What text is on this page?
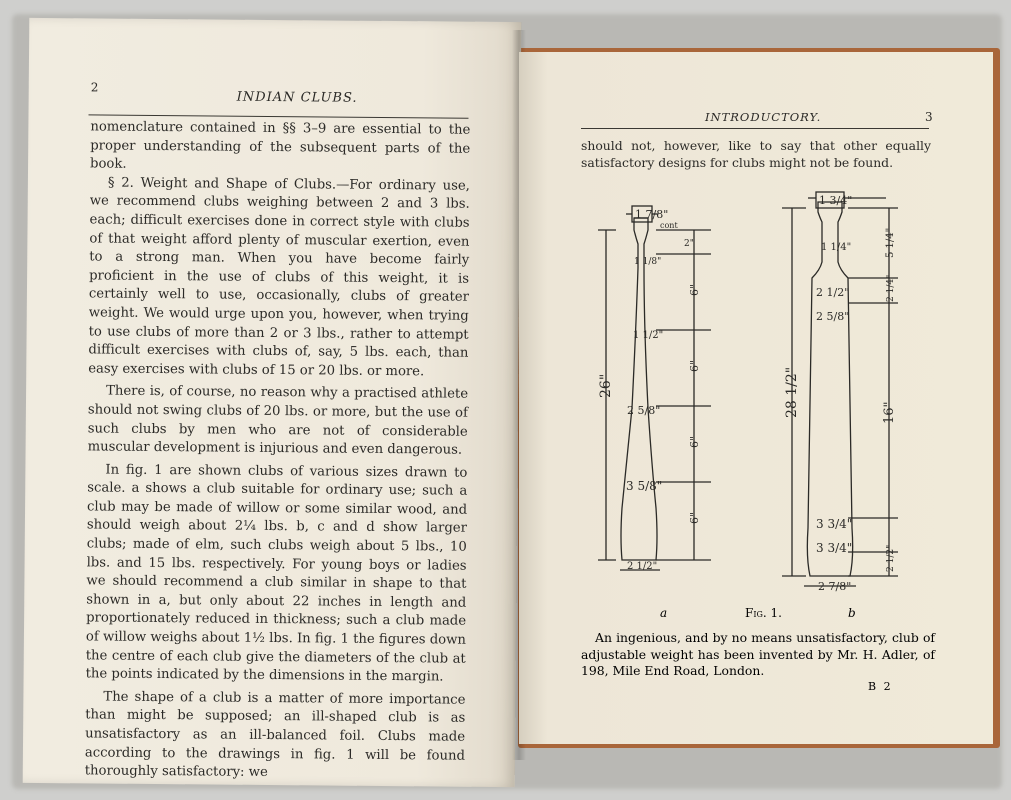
2
INDIAN CLUBS.

nomenclature contained in §§ 3–9 are essential to the proper understanding of the subsequent parts of the book.

§ 2. Weight and Shape of Clubs.—For ordinary use, we recommend clubs weighing between 2 and 3 lbs. each; difficult exercises done in correct style with clubs of that weight afford plenty of muscular exertion, even to a strong man. When you have become fairly proficient in the use of clubs of this weight, it is certainly well to use, occasionally, clubs of greater weight. We would urge upon you, however, when trying to use clubs of more than 2 or 3 lbs., rather to attempt difficult exercises with clubs of, say, 5 lbs. each, than easy exercises with clubs of 15 or 20 lbs. or more.

There is, of course, no reason why a practised athlete should not swing clubs of 20 lbs. or more, but the use of such clubs by men who are not of considerable muscular development is injurious and even dangerous.

In fig. 1 are shown clubs of various sizes drawn to scale. a shows a club suitable for ordinary use; such a club may be made of willow or some similar wood, and should weigh about 2¼ lbs. b, c and d show larger clubs; made of elm, such clubs weigh about 5 lbs., 10 lbs. and 15 lbs. respectively. For young boys or ladies we should recommend a club similar in shape to that shown in a, but only about 22 inches in length and proportionately reduced in thickness; such a club made of willow weighs about 1½ lbs. In fig. 1 the figures down the centre of each club give the diameters of the club at the points indicated by the dimensions in the margin.

The shape of a club is a matter of more importance than might be supposed; an ill-shaped club is as unsatisfactory as an ill-balanced foil. Clubs made according to the drawings in fig. 1 will be found thoroughly satisfactory: we

INTRODUCTORY.	3
should not, however, like to say that other equally satisfactory designs for clubs might not be found.
1 7/8"
cont
2"
1 1/8"
1 1/2"
2 5/8"
3 5/8"
2 1/2"
26"
6"
6"
6"
6"
1 3/4"
1 1/4"
2 1/2"
2 5/8"
3 3/4"
3 3/4"
2 7/8"
28 1/2"
5 1/4"
2 1/4"
16"
2 1/2"
a	Fig. 1.	b
An ingenious, and by no means unsatisfactory, club of adjustable weight has been invented by Mr. H. Adler, of 198, Mile End Road, London.
B 2
